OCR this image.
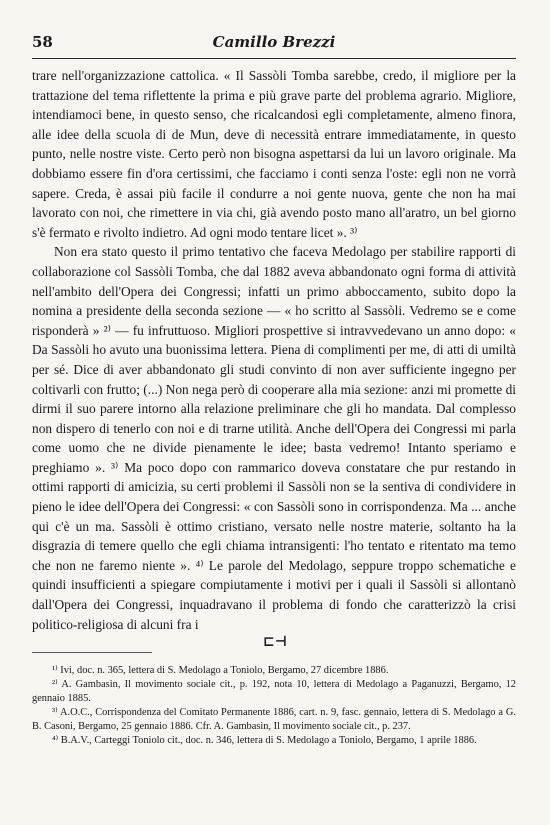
58	Camillo Brezzi

trare nell'organizzazione cattolica. « Il Sassòli Tomba sarebbe, credo, il migliore per la trattazione del tema riflettente la prima e più grave parte del problema agrario. Migliore, intendiamoci bene, in questo senso, che ricalcandosi egli completamente, almeno finora, alle idee della scuola di de Mun, deve di necessità entrare immediatamente, in questo punto, nelle nostre viste. Certo però non bisogna aspettarsi da lui un lavoro originale. Ma dobbiamo essere fin d'ora certissimi, che facciamo i conti senza l'oste: egli non ne vorrà sapere. Creda, è assai più facile il condurre a noi gente nuova, gente che non ha mai lavorato con noi, che rimettere in via chi, già avendo posto mano all'aratro, un bel giorno s'è fermato e rivolto indietro. Ad ogni modo tentare licet ». ³⁾

Non era stato questo il primo tentativo che faceva Medolago per stabilire rapporti di collaborazione col Sassòli Tomba, che dal 1882 aveva abbandonato ogni forma di attività nell'ambito dell'Opera dei Congressi; infatti un primo abboccamento, subito dopo la nomina a presidente della seconda sezione — « ho scritto al Sassòli. Vedremo se e come risponderà » ²⁾ — fu infruttuoso. Migliori prospettive si intravvedevano un anno dopo: « Da Sassòli ho avuto una buonissima lettera. Piena di complimenti per me, di atti di umiltà per sé. Dice di aver abbandonato gli studi convinto di non aver sufficiente ingegno per coltivarli con frutto; (...) Non nega però di cooperare alla mia sezione: anzi mi promette di dirmi il suo parere intorno alla relazione preliminare che gli ho mandata. Dal complesso non dispero di tenerlo con noi e di trarne utilità. Anche dell'Opera dei Congressi mi parla come uomo che ne divide pienamente le idee; basta vedremo! Intanto speriamo e preghiamo ». ³⁾ Ma poco dopo con rammarico doveva constatare che pur restando in ottimi rapporti di amicizia, su certi problemi il Sassòli non se la sentiva di condividere in pieno le idee dell'Opera dei Congressi: « con Sassòli sono in corrispondenza. Ma ... anche qui c'è un ma. Sassòli è ottimo cristiano, versato nelle nostre materie, soltanto ha la disgrazia di temere quello che egli chiama intransigenti: l'ho tentato e ritentato ma temo che non ne faremo niente ». ⁴⁾ Le parole del Medolago, seppure troppo schematiche e quindi insufficienti a spiegare compiutamente i motivi per i quali il Sassòli si allontanò dall'Opera dei Congressi, inquadravano il problema di fondo che caratterizzò la crisi politico-religiosa di alcuni fra i

⊏⊣

¹⁾ Ivi, doc. n. 365, lettera di S. Medolago a Toniolo, Bergamo, 27 dicembre 1886.

²⁾ A. Gambasin, Il movimento sociale cit., p. 192, nota 10, lettera di Medolago a Paganuzzi, Bergamo, 12 gennaio 1885.

³⁾ A.O.C., Corrispondenza del Comitato Permanente 1886, cart. n. 9, fasc. gennaio, lettera di S. Medolago a G. B. Casoni, Bergamo, 25 gennaio 1886. Cfr. A. Gambasin, Il movimento sociale cit., p. 237.

⁴⁾ B.A.V., Carteggi Toniolo cit., doc. n. 346, lettera di S. Medolago a Toniolo, Bergamo, 1 aprile 1886.
